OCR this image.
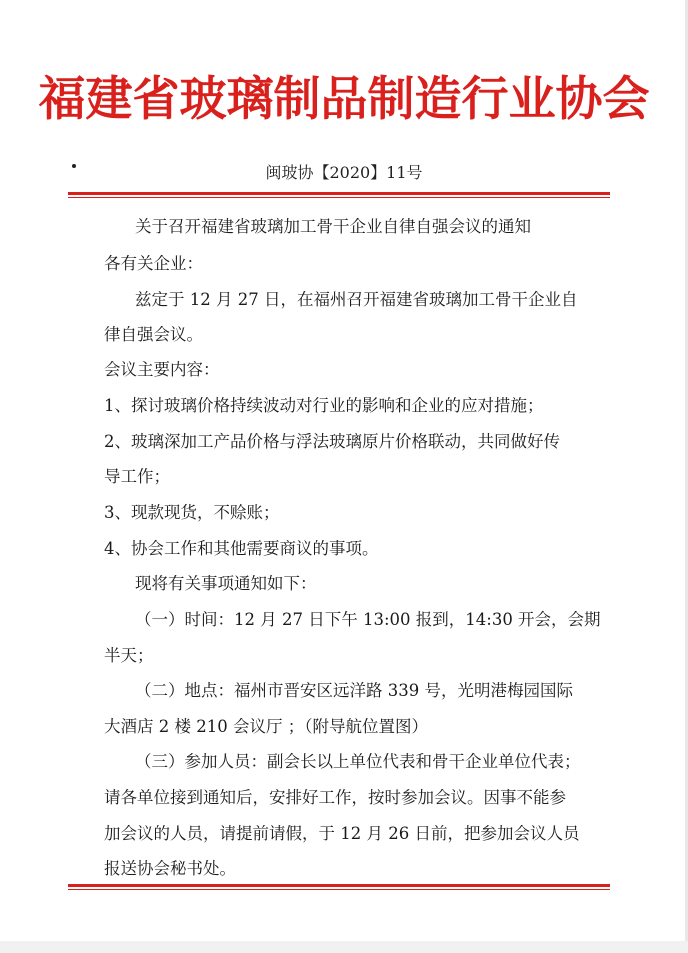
福建省玻璃制品制造行业协会
闽玻协【2020】11号
关于召开福建省玻璃加工骨干企业自律自强会议的通知
各有关企业：
兹定于 12 月 27 日，在福州召开福建省玻璃加工骨干企业自
律自强会议。
会议主要内容：
1、探讨玻璃价格持续波动对行业的影响和企业的应对措施；
2、玻璃深加工产品价格与浮法玻璃原片价格联动，共同做好传
导工作；
3、现款现货，不赊账；
4、协会工作和其他需要商议的事项。
现将有关事项通知如下：
（一）时间：12 月 27 日下午 13:00 报到，14:30 开会，会期
半天；
（二）地点：福州市晋安区远洋路 339 号，光明港梅园国际
大酒店 2 楼 210 会议厅 ；（附导航位置图）
（三）参加人员：副会长以上单位代表和骨干企业单位代表；
请各单位接到通知后，安排好工作，按时参加会议。因事不能参
加会议的人员，请提前请假，于 12 月 26 日前，把参加会议人员
报送协会秘书处。
